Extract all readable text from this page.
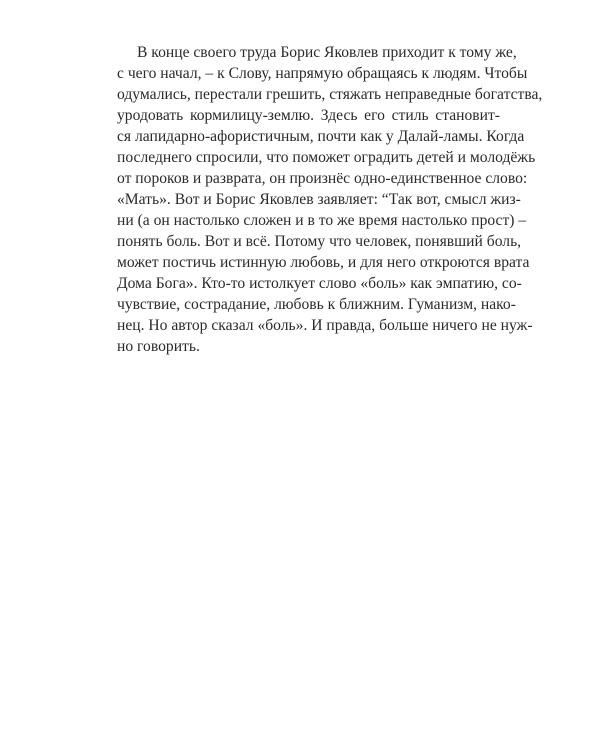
В конце своего труда Борис Яковлев приходит к тому же,
с чего начал, – к Слову, напрямую обращаясь к людям. Чтобы
одумались, перестали грешить, стяжать неправедные богатства,
уродовать кормилицу-землю. Здесь его стиль становит-
ся лапидарно-афористичным, почти как у Далай-ламы. Когда
последнего спросили, что поможет оградить детей и молодёжь
от пороков и разврата, он произнёс одно-единственное слово:
«Мать». Вот и Борис Яковлев заявляет: “Так вот, смысл жиз-
ни (а он настолько сложен и в то же время настолько прост) –
понять боль. Вот и всё. Потому что человек, понявший боль,
может постичь истинную любовь, и для него откроются врата
Дома Бога». Кто-то истолкует слово «боль» как эмпатию, со-
чувствие, сострадание, любовь к ближним. Гуманизм, нако-
нец. Но автор сказал «боль». И правда, больше ничего не нуж-
но говорить.
